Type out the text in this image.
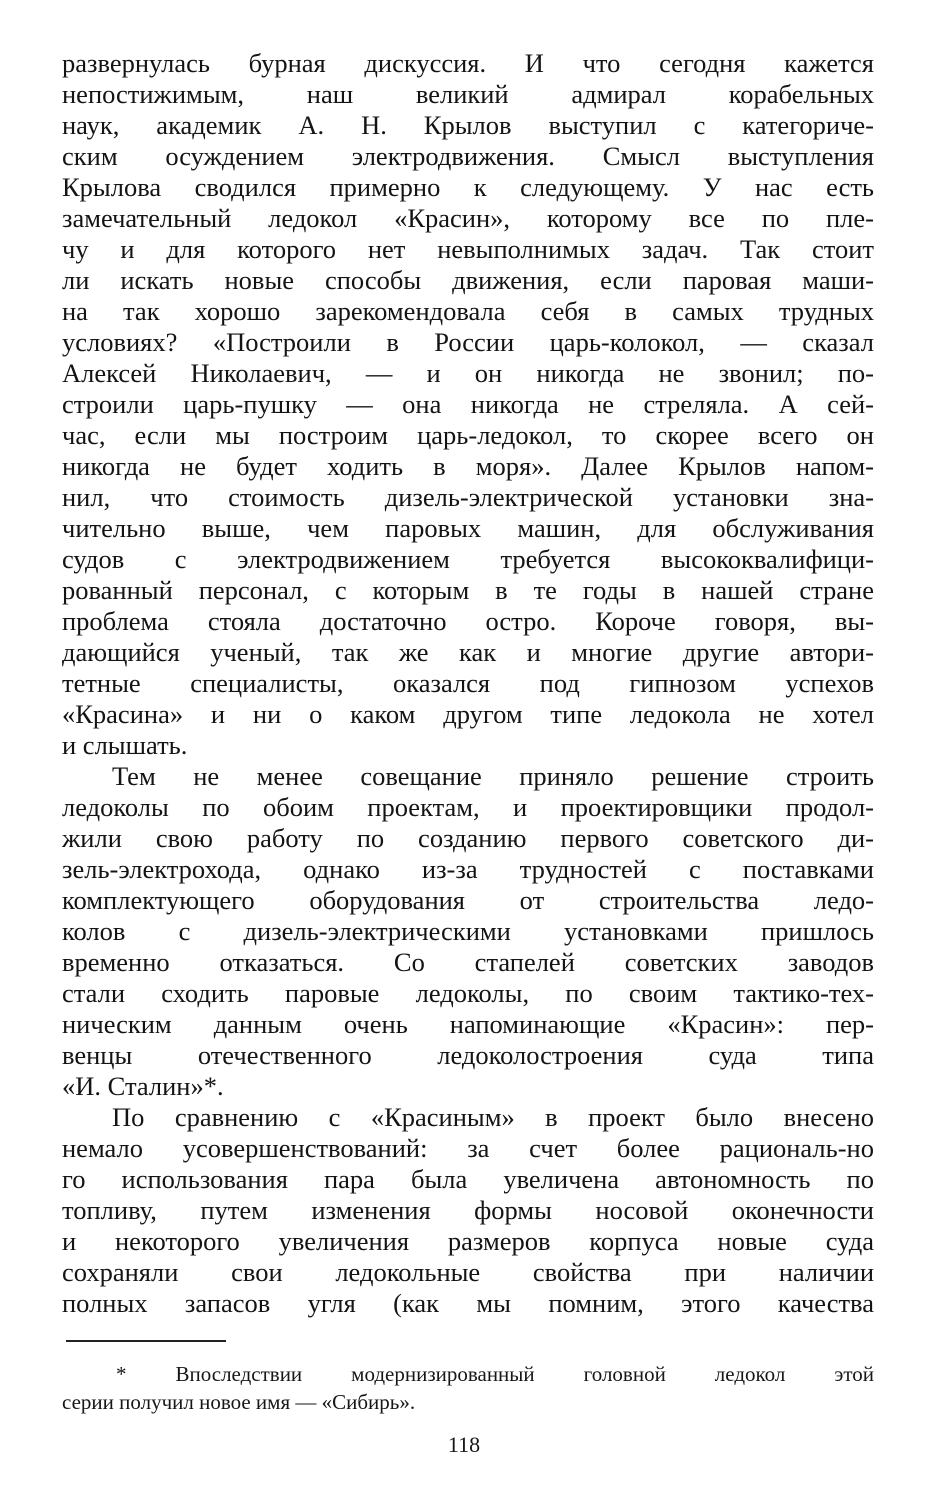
развернулась бурная дискуссия. И что сегодня кажется
непостижимым, наш великий адмирал корабельных
наук, академик А. Н. Крылов выступил с категориче-
ским осуждением электродвижения. Смысл выступления
Крылова сводился примерно к следующему. У нас есть
замечательный ледокол «Красин», которому все по пле-
чу и для которого нет невыполнимых задач. Так стоит
ли искать новые способы движения, если паровая маши-
на так хорошо зарекомендовала себя в самых трудных
условиях? «Построили в России царь-колокол, — сказал
Алексей Николаевич, — и он никогда не звонил; по-
строили царь-пушку — она никогда не стреляла. А сей-
час, если мы построим царь-ледокол, то скорее всего он
никогда не будет ходить в моря». Далее Крылов напом-
нил, что стоимость дизель-электрической установки зна-
чительно выше, чем паровых машин, для обслуживания
судов с электродвижением требуется высококвалифици-
рованный персонал, с которым в те годы в нашей стране
проблема стояла достаточно остро. Короче говоря, вы-
дающийся ученый, так же как и многие другие автори-
тетные специалисты, оказался под гипнозом успехов
«Красина» и ни о каком другом типе ледокола не хотел
и слышать.
Тем не менее совещание приняло решение строить
ледоколы по обоим проектам, и проектировщики продол-
жили свою работу по созданию первого советского ди-
зель-электрохода, однако из-за трудностей с поставками
комплектующего оборудования от строительства ледо-
колов с дизель-электрическими установками пришлось
временно отказаться. Со стапелей советских заводов
стали сходить паровые ледоколы, по своим тактико-тех-
ническим данным очень напоминающие «Красин»: пер-
венцы отечественного ледоколостроения суда типа
«И. Сталин»*.
По сравнению с «Красиным» в проект было внесено
немало усовершенствований: за счет более рациональ-но
го использования пара была увеличена автономность по
топливу, путем изменения формы носовой оконечности
и некоторого увеличения размеров корпуса новые суда
сохраняли свои ледокольные свойства при наличии
полных запасов угля (как мы помним, этого качества
* Впоследствии модернизированный головной ледокол этой
серии получил новое имя — «Сибирь».
118
